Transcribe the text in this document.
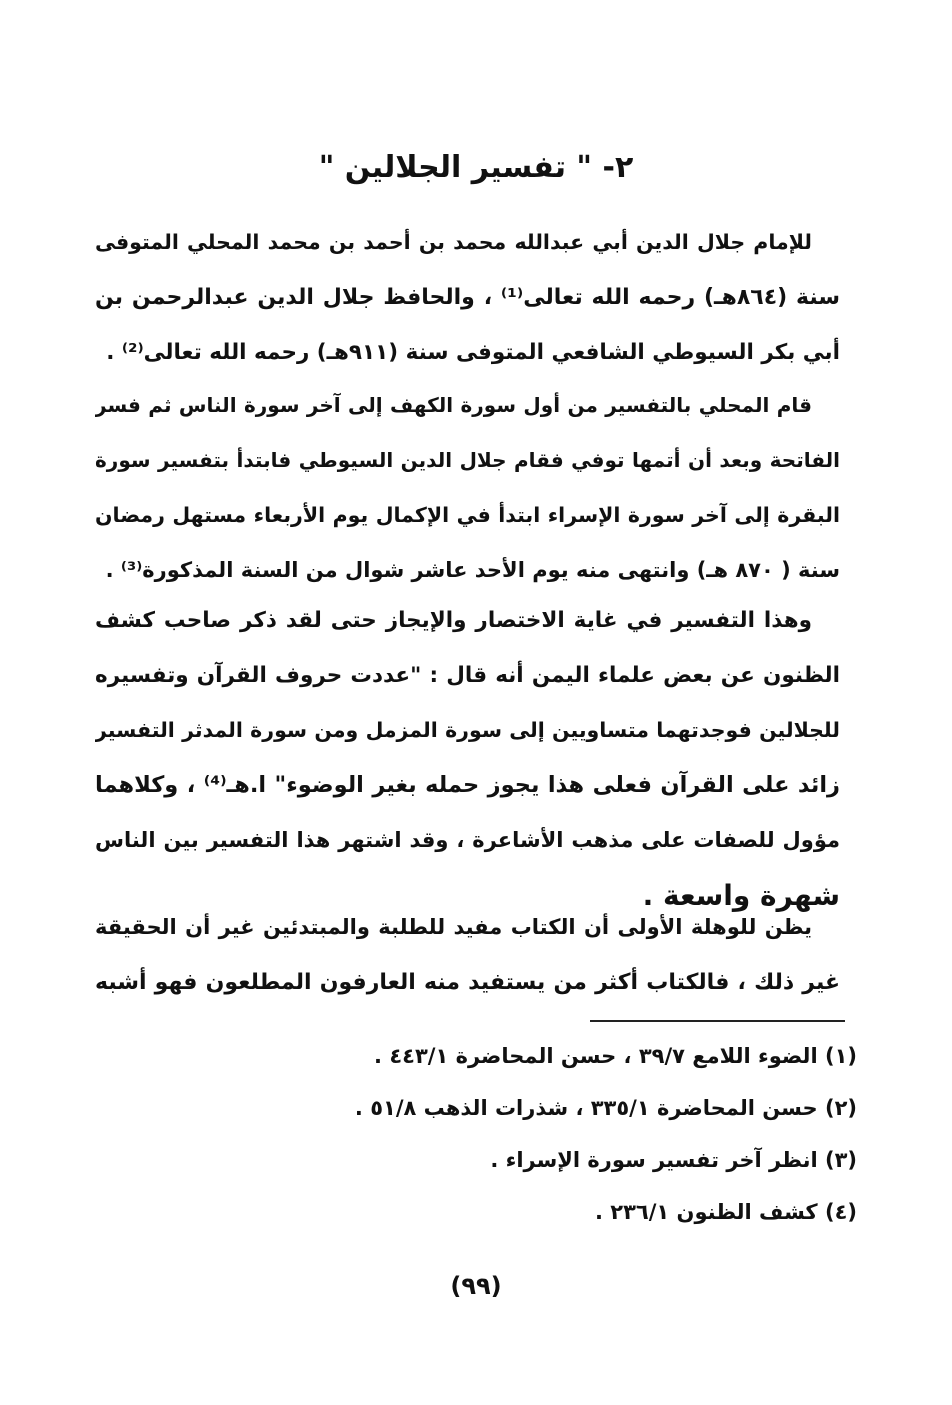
٢- " تفسير الجلالين "
للإمام جلال الدين أبي عبدالله محمد بن أحمد بن محمد المحلي المتوفى
سنة (٨٦٤هـ) رحمه الله تعالى⁽¹⁾ ، والحافظ جلال الدين عبدالرحمن بن
أبي بكر السيوطي الشافعي المتوفى سنة (٩١١هـ) رحمه الله تعالى⁽²⁾ .
قام المحلي بالتفسير من أول سورة الكهف إلى آخر سورة الناس ثم فسر
الفاتحة وبعد أن أتمها توفي فقام جلال الدين السيوطي فابتدأ بتفسير سورة
البقرة إلى آخر سورة الإسراء ابتدأ في الإكمال يوم الأربعاء مستهل رمضان
سنة ( ٨٧٠ هـ) وانتهى منه يوم الأحد عاشر شوال من السنة المذكورة⁽³⁾ .
وهذا التفسير في غاية الاختصار والإيجاز حتى لقد ذكر صاحب كشف
الظنون عن بعض علماء اليمن أنه قال : "عددت حروف القرآن وتفسيره
للجلالين فوجدتهما متساويين إلى سورة المزمل ومن سورة المدثر التفسير
زائد على القرآن فعلى هذا يجوز حمله بغير الوضوء" ا.هـ⁽⁴⁾ ، وكلاهما
مؤول للصفات على مذهب الأشاعرة ، وقد اشتهر هذا التفسير بين الناس
شهرة واسعة .
يظن للوهلة الأولى أن الكتاب مفيد للطلبة والمبتدئين غير أن الحقيقة
غير ذلك ، فالكتاب أكثر من يستفيد منه العارفون المطلعون فهو أشبه
(١) الضوء اللامع ٣٩/٧ ، حسن المحاضرة ٤٤٣/١ .
(٢) حسن المحاضرة ٣٣٥/١ ، شذرات الذهب ٥١/٨ .
(٣) انظر آخر تفسير سورة الإسراء .
(٤) كشف الظنون ٢٣٦/١ .
(٩٩)
